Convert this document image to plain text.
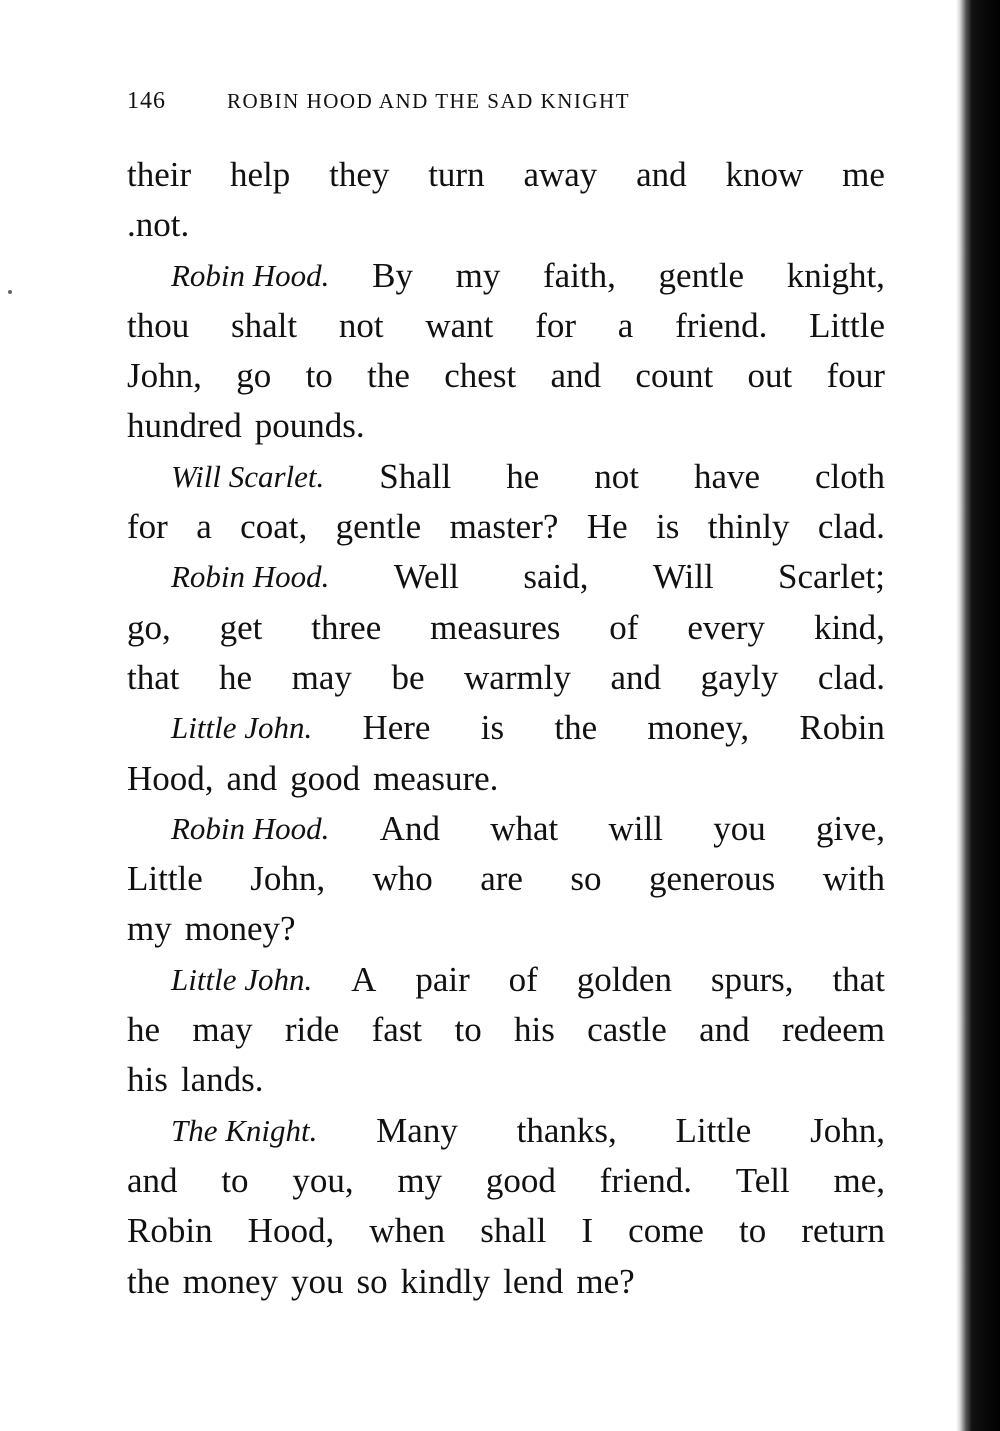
146	ROBIN HOOD AND THE SAD KNIGHT
their help they turn away and know me
.not.
Robin Hood. By my faith, gentle knight,
thou shalt not want for a friend. Little
John, go to the chest and count out four
hundred pounds.
Will Scarlet. Shall he not have cloth
for a coat, gentle master? He is thinly clad.
Robin Hood. Well said, Will Scarlet;
go, get three measures of every kind,
that he may be warmly and gayly clad.
Little John. Here is the money, Robin
Hood, and good measure.
Robin Hood. And what will you give,
Little John, who are so generous with
my money?
Little John. A pair of golden spurs, that
he may ride fast to his castle and redeem
his lands.
The Knight. Many thanks, Little John,
and to you, my good friend. Tell me,
Robin Hood, when shall I come to return
the money you so kindly lend me?
